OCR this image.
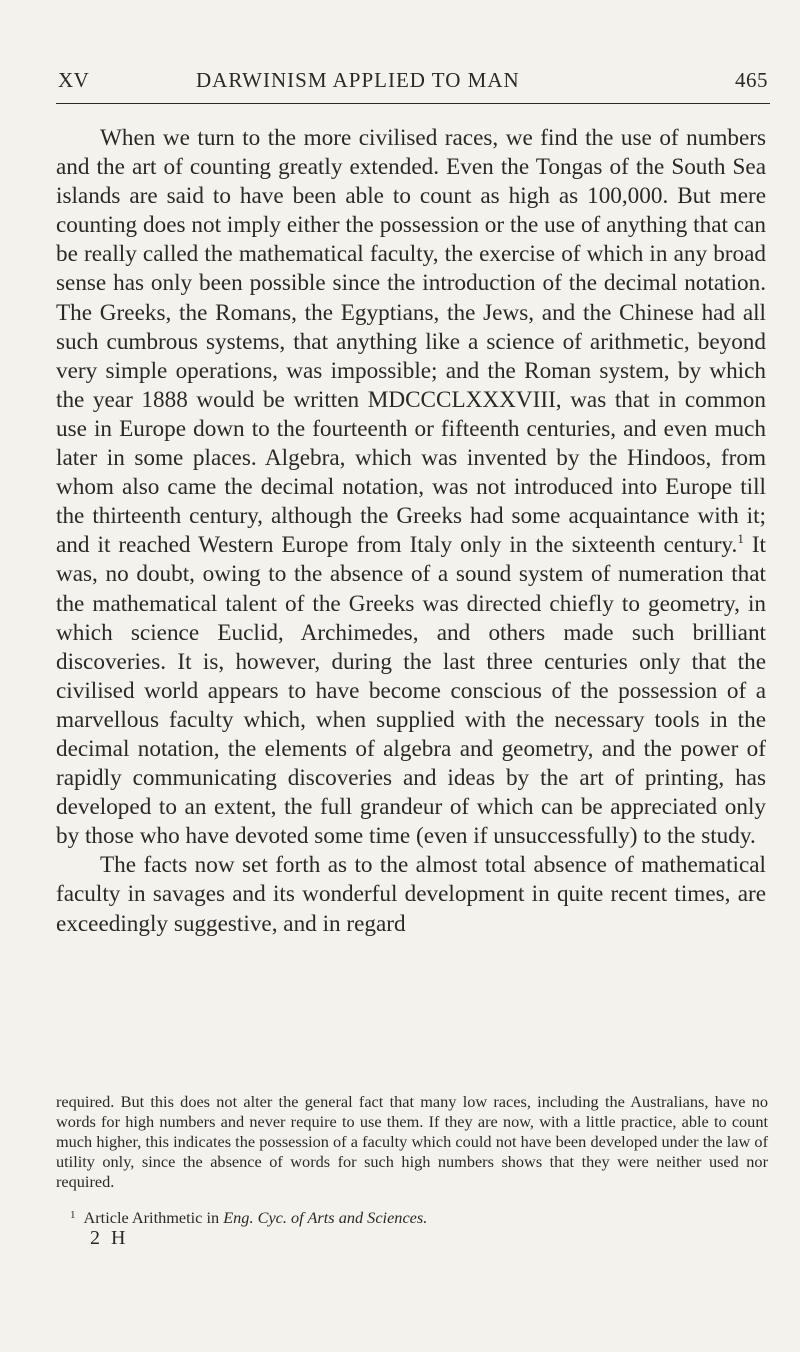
XV	DARWINISM APPLIED TO MAN	465

When we turn to the more civilised races, we find the use of numbers and the art of counting greatly extended. Even the Tongas of the South Sea islands are said to have been able to count as high as 100,000. But mere counting does not imply either the possession or the use of anything that can be really called the mathematical faculty, the exercise of which in any broad sense has only been possible since the introduction of the decimal notation. The Greeks, the Romans, the Egyptians, the Jews, and the Chinese had all such cumbrous systems, that anything like a science of arithmetic, beyond very simple operations, was impossible; and the Roman system, by which the year 1888 would be written MDCCCLXXXVIII, was that in common use in Europe down to the fourteenth or fifteenth centuries, and even much later in some places. Algebra, which was invented by the Hindoos, from whom also came the decimal notation, was not introduced into Europe till the thirteenth century, although the Greeks had some acquaintance with it; and it reached Western Europe from Italy only in the sixteenth century.$^1$ It was, no doubt, owing to the absence of a sound system of numeration that the mathematical talent of the Greeks was directed chiefly to geometry, in which science Euclid, Archimedes, and others made such brilliant discoveries. It is, however, during the last three centuries only that the civilised world appears to have become conscious of the possession of a marvellous faculty which, when supplied with the necessary tools in the decimal notation, the elements of algebra and geometry, and the power of rapidly communicating discoveries and ideas by the art of printing, has developed to an extent, the full grandeur of which can be appreciated only by those who have devoted some time (even if unsuccessfully) to the study.

The facts now set forth as to the almost total absence of mathematical faculty in savages and its wonderful development in quite recent times, are exceedingly suggestive, and in regard

required. But this does not alter the general fact that many low races, including the Australians, have no words for high numbers and never require to use them. If they are now, with a little practice, able to count much higher, this indicates the possession of a faculty which could not have been developed under the law of utility only, since the absence of words for such high numbers shows that they were neither used nor required.

$^1$ Article Arithmetic in Eng. Cyc. of Arts and Sciences.
2 H
